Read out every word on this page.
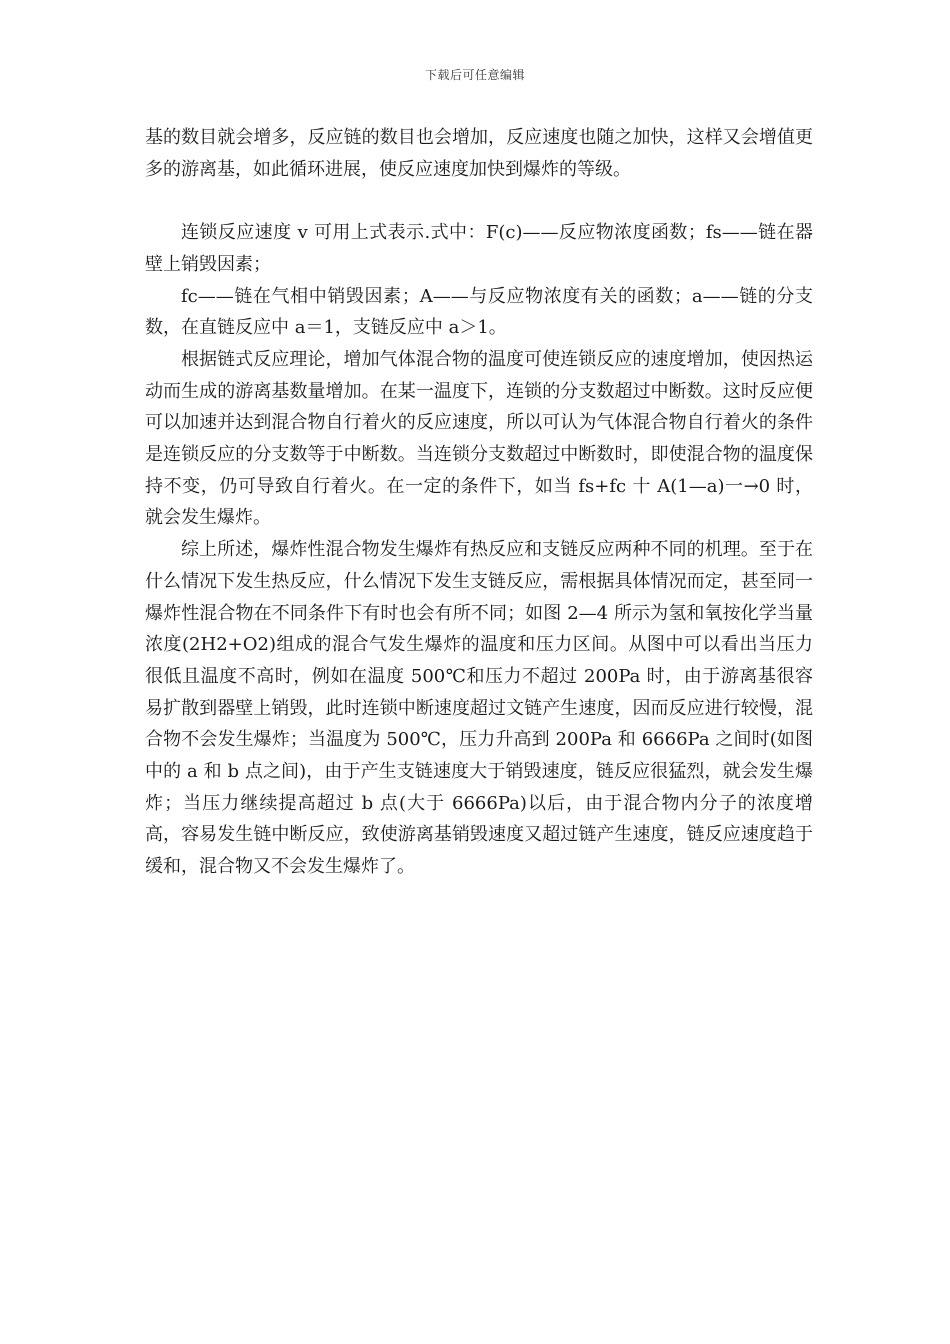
下载后可任意编辑

基的数目就会增多，反应链的数目也会增加，反应速度也随之加快，这样又会增值更多的游离基，如此循环进展，使反应速度加快到爆炸的等级。

连锁反应速度 v 可用上式表示.式中：F(c)——反应物浓度函数；fs——链在器壁上销毁因素；

fc——链在气相中销毁因素；A——与反应物浓度有关的函数；a——链的分支数，在直链反应中 a＝1，支链反应中 a＞1。

根据链式反应理论，增加气体混合物的温度可使连锁反应的速度增加，使因热运动而生成的游离基数量增加。在某一温度下，连锁的分支数超过中断数。这时反应便可以加速并达到混合物自行着火的反应速度，所以可认为气体混合物自行着火的条件是连锁反应的分支数等于中断数。当连锁分支数超过中断数时，即使混合物的温度保持不变，仍可导致自行着火。在一定的条件下，如当 fs+fc 十 A(1—a)一→0 时，就会发生爆炸。

综上所述，爆炸性混合物发生爆炸有热反应和支链反应两种不同的机理。至于在什么情况下发生热反应，什么情况下发生支链反应，需根据具体情况而定，甚至同一爆炸性混合物在不同条件下有时也会有所不同；如图 2—4 所示为氢和氧按化学当量浓度(2H2+O2)组成的混合气发生爆炸的温度和压力区间。从图中可以看出当压力很低且温度不高时，例如在温度 500℃和压力不超过 200Pa 时，由于游离基很容易扩散到器壁上销毁，此时连锁中断速度超过文链产生速度，因而反应进行较慢，混合物不会发生爆炸；当温度为 500℃，压力升高到 200Pa 和 6666Pa 之间时(如图中的 a 和 b 点之间)，由于产生支链速度大于销毁速度，链反应很猛烈，就会发生爆炸；当压力继续提高超过 b 点(大于 6666Pa)以后，由于混合物内分子的浓度增高，容易发生链中断反应，致使游离基销毁速度又超过链产生速度，链反应速度趋于缓和，混合物又不会发生爆炸了。
